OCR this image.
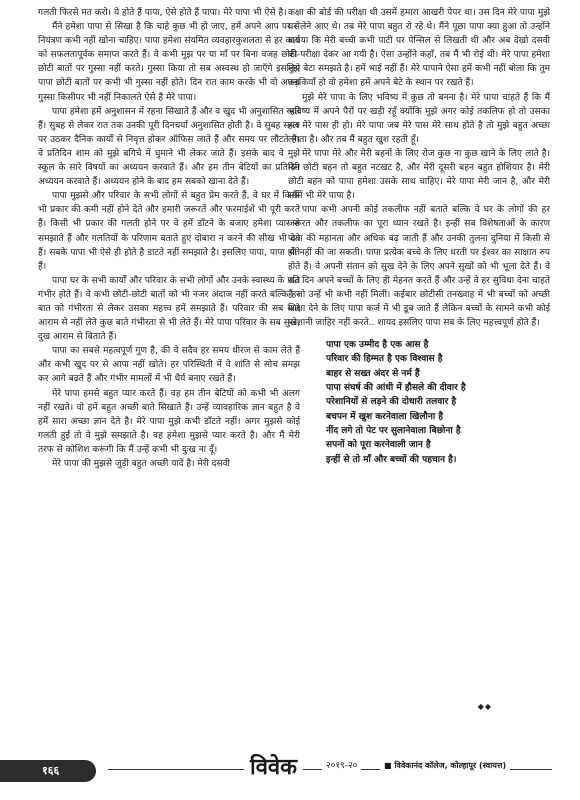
गलती फिरसे मत करो। ये होते हैं पापा, ऐसे होते हैं पापा। मेरे पापा भी ऐसे है।

मैंने हमेशा पापा से सिखा है कि चाहे कुछ भी हो जाए, हमें अपने आप पर से नियंत्रण कभी नहीं खोना चाहिए। पापा हमेशा संयमित व्यवहारकुशलता से हर कार्य को सफलतापूर्वक समाप्त करते हैं। वे कभी मुझ पर या माँ पर बिना वजह छोटी-छोटी बातों पर गुस्सा नहीं करते। गुस्सा किया तो सब अस्वस्थ हो जाएँगे इसलिए पापा छोटी बातों पर कभी भी गुस्सा नहीं होते। दिन रात काम करके भी वो अपना गुस्सा किसीपर भी नहीं निकालते ऐसे है मेरे पापा।

पापा हमेशा हमें अनुशासन में रहना सिखाते हैं और व खुद भी अनुशासित रहते हैं। सुबह से लेकर रात तक उनकी पूरी दिनचर्या अनुशासित होती है। वे सुबह समय पर उठकर दैनिक कार्यों से निवृत्त होकर ऑफिस जाते हैं और समय पर लौटते हैं। वे प्रतिदिन शाम को मुझे बगिचे में घुमाने भी लेकर जाते हैं। इसके बाद वे मुझे स्कूल के सारे विषयों का अध्ययन करवाते हैं। और हम तीन बेटियों का प्रतिदिन अध्ययन करवाते हैं। अध्ययन होने के बाद हम सबको खाना देते हैं।

पापा मुझसे और परिवार के सभी लोगों से बहुत प्रेम करते हैं, वे घर में किसी भी प्रकार की कमी नहीं होने देते और हमारी जरूरतें और फरमाईशें भी पूरी करते हैं। किसी भी प्रकार की गलती होने पर वे हमें डाँटने के बजाए हमेशा प्यार से समझाते हैं और गलतियों के परिणाम बताते हुए दोबारा न करने की सीख भी देते हैं। सबके पापा भी ऐसे ही होते है डाटते नहीं समझाते है। इसलिए पापा, पापा होते हैं।

पापा घर के सभी कार्यों और परिवार के सभी लोगों और उनके स्वास्थ्य के प्रति गंभीर होते हैं। वे कभी छोटी-छोटी बातों को भी नजर अंदाज नहीं करते बल्कि हर बात को गंभीरता से लेकर उसका महत्त्व हमें समझाते हैं। परिवार की सब बाते आराम से नहीं लेते कुछ बाते गंभीरता से भी लेते हैं। मेरे पापा परिवार के सब सुख, दुख आराम से बिताते हैं।

पापा का सबसे महत्वपूर्ण गुण है, की वे सदैव हर समय धीरज से काम लेते हैं और कभी खुद पर से आपा नहीं खोते। हर परिस्थिती में वे शांति से सोच समझ कर आगे बढते हैं और गंभीर मामलों में भी धैर्य बनाए रखते हैं।

मेरे पापा हमसे बहुत प्यार करते हैं। वह हम तीन बेटियों को कभी भी अलग नहीं रखते। वो हमें बहुत अच्छी बाते सिखाते हैं। उन्हें व्यावहारिक ज्ञान बहुत है वे हमें सारा अच्छा ज्ञान देते है। मेरे पापा मुझे कभी डाँटते नहीं। अगर मुझसे कोई गलती हुई तो वे मुझे समझाते है। वह हमेशा मुझसे प्यार करते है। और मैं मेरी तरफ से कोशिश करूंगी कि मैं उन्हें कभी भी दुःख ना दूँ।

मेरे पापा की मुझसे जुड़ी बहुत अच्छी यादें है। मेरी दसवी

कक्षा की बोर्ड की परीक्षा थी उसमें हमारा आखरी पेपर था। उस दिन मेरे पापा मुझे घर लेने आए थे। तब मेरे पापा बहुत रो रहे थे। मैंने पूछा पापा क्या हुआ तो उन्होंने बताया कि मेरी बच्ची कभी पाटी पर पेन्सिल से लिखती थी और अब देखो दसवी की परीक्षा देकर आ गयी है। ऐसा उन्होंने कहाँ, तब मैं भी रोई थी। मेरे पापा हमेशा मुझे बेटा समझते है। हमें भाई नहीं हैं। मेरे पापाने ऐसा हमें कभी नहीं बोला कि तुम लड़कियाँ हो वो हमेशा हमें अपने बेटे के स्थान पर रखते हैं।

मुझे मेरे पापा के लिए भविष्य में कुछ तो बनना है। मेरे पापा चाहते हैं कि मैं भविष्य में अपने पैरों पर खड़ी रहूँ क्योंकि मुझे अगर कोई तकलिफ हो तो उसका हल मेरे पास ही हो। मेरे पापा जब मेरे पास मेरे साथ होते है तो मुझे बहुत अच्छा लगता है। और तब मैं बहुत खुश रहती हूँ।

मेरे पापा मेरे और मेरी बहनों के लिए रोज कुछ ना कुछ खाने के लिए लाते है। मेरी छोटी बहन तो बहुत नटखट है, और मेरी दूसरी बहन बहुत होशियार है। मेरी छोटी बहन को पापा हमेशा उसके साथ चाहिए। मेरे पापा मेरी जान है, और मेरी साँसें भी मेरे पापा है।

पापा कभी अपनी कोई तकलीफ नहीं बताते बल्कि वे घर के लोगों की हर जरूरत और तकलीफ का पूरा ध्यान रखते है। इन्हीं सब विशेषताओं के कारण पापा की महानता और अधिक बढ़ जाती हैं और उनकी तुलना दुनिया में किसी से भी नहीं की जा सकती। पापा प्रत्येक बच्चे के लिए धरती पर ईश्वर का साक्षात रुप होते हैं। वे अपनी संतान को सुख देने के लिए अपने सुखों को भी भूला देते हैं। वे रात दिन अपने बच्चों के लिए ही मेहनत करते हैं और उन्हें वे हर सुविधा देना चाहते हैं जो उन्हें भी कभी नहीं मिली। कईबार छोटीसी तनख्वाह में भी बच्चों को अच्छी शिक्षा देने के लिए पापा कर्ज में भी डूब जाते हैं लेकिन बच्चों के सामने कभी कोई परेशानी जाहिर नहीं करते.. शायद इसलिए पापा सब के लिए महत्त्वपूर्ण होते हैं।

पापा एक उम्मीद है एक आस है
परिवार की हिम्मत है एक विश्वास है
बाहर से सख्त अंदर से नर्म हैं
पापा संघर्ष की आंधी में हौसले की दीवार है
परेशानियों से लड़ने की दोधारी तलवार है
बचपन में खुश करनेवाला खिलौना है
नींद लगे तो पेट पर सुलानेवाला बिछोना है
सपनों को पूरा करनेवाली जान है
इन्हीं से तो माँ और बच्चों की पहचान है।
◆◆
१६६	विवेक	२०१९-२०	■ विवेकानंद कॉलेज, कोल्हापूर (स्वायत्त)
